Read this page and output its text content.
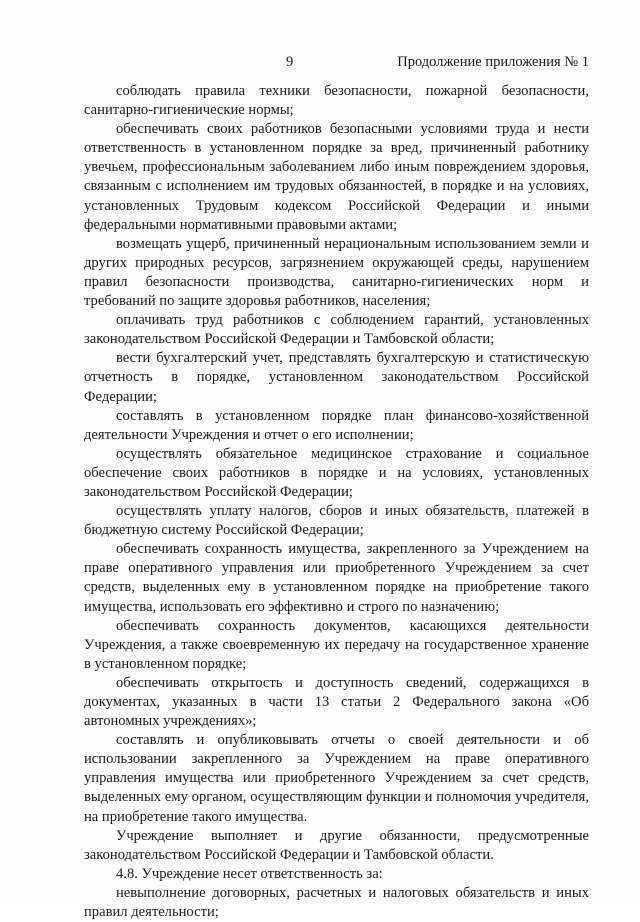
9	Продолжение приложения № 1

соблюдать правила техники безопасности, пожарной безопасности, санитарно-гигиенические нормы;

обеспечивать своих работников безопасными условиями труда и нести ответственность в установленном порядке за вред, причиненный работнику увечьем, профессиональным заболеванием либо иным повреждением здоровья, связанным с исполнением им трудовых обязанностей, в порядке и на условиях, установленных Трудовым кодексом Российской Федерации и иными федеральными нормативными правовыми актами;

возмещать ущерб, причиненный нерациональным использованием земли и других природных ресурсов, загрязнением окружающей среды, нарушением правил безопасности производства, санитарно-гигиенических норм и требований по защите здоровья работников, населения;

оплачивать труд работников с соблюдением гарантий, установленных законодательством Российской Федерации и Тамбовской области;

вести бухгалтерский учет, представлять бухгалтерскую и статистическую отчетность в порядке, установленном законодательством Российской Федерации;

составлять в установленном порядке план финансово-хозяйственной деятельности Учреждения и отчет о его исполнении;

осуществлять обязательное медицинское страхование и социальное обеспечение своих работников в порядке и на условиях, установленных законодательством Российской Федерации;

осуществлять уплату налогов, сборов и иных обязательств, платежей в бюджетную систему Российской Федерации;

обеспечивать сохранность имущества, закрепленного за Учреждением на праве оперативного управления или приобретенного Учреждением за счет средств, выделенных ему в установленном порядке на приобретение такого имущества, использовать его эффективно и строго по назначению;

обеспечивать сохранность документов, касающихся деятельности Учреждения, а также своевременную их передачу на государственное хранение в установленном порядке;

обеспечивать открытость и доступность сведений, содержащихся в документах, указанных в части 13 статьи 2 Федерального закона «Об автономных учреждениях»;

составлять и опубликовывать отчеты о своей деятельности и об использовании закрепленного за Учреждением на праве оперативного управления имущества или приобретенного Учреждением за счет средств, выделенных ему органом, осуществляющим функции и полномочия учредителя, на приобретение такого имущества.

Учреждение выполняет и другие обязанности, предусмотренные законодательством Российской Федерации и Тамбовской области.

4.8. Учреждение несет ответственность за:

невыполнение договорных, расчетных и налоговых обязательств и иных правил деятельности;
